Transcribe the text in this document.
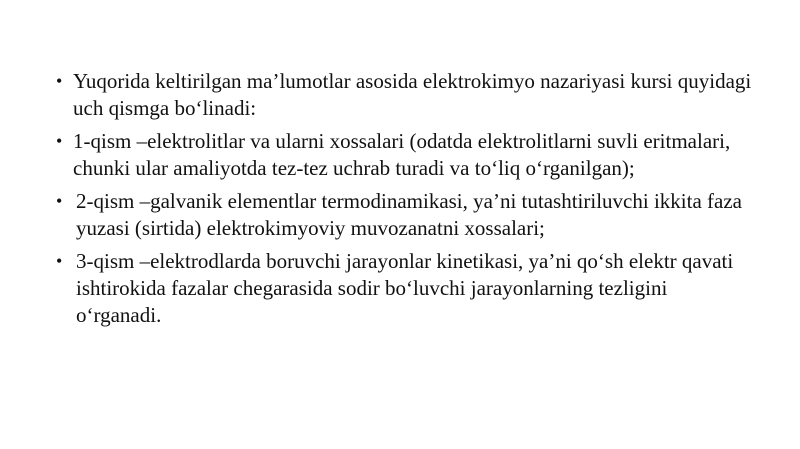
• Yuqorida keltirilgan ma’lumotlar asosida elektrokimyo nazariyasi kursi quyidagi uch qismga bo‘linadi:
• 1-qism –elektrolitlar va ularni xossalari (odatda elektrolitlarni suvli eritmalari, chunki ular amaliyotda tez-tez uchrab turadi va to‘liq o‘rganilgan);
• 2-qism –galvanik elementlar termodinamikasi, ya’ni tutashtiriluvchi ikkita faza yuzasi (sirtida) elektrokimyoviy muvozanatni xossalari;
• 3-qism –elektrodlarda boruvchi jarayonlar kinetikasi, ya’ni qo‘sh elektr qavati ishtirokida fazalar chegarasida sodir bo‘luvchi jarayonlarning tezligini o‘rganadi.
